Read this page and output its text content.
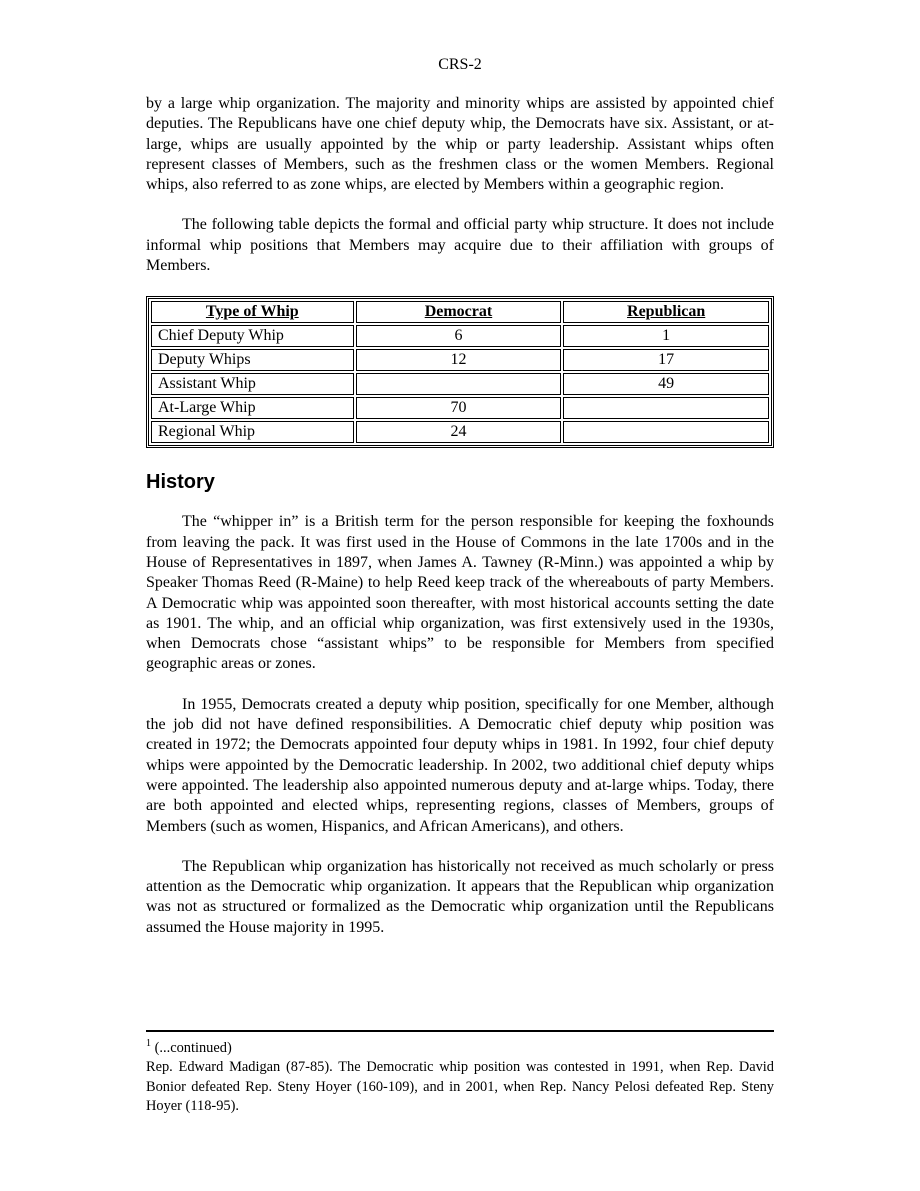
CRS-2

by a large whip organization. The majority and minority whips are assisted by appointed chief deputies. The Republicans have one chief deputy whip, the Democrats have six. Assistant, or at-large, whips are usually appointed by the whip or party leadership. Assistant whips often represent classes of Members, such as the freshmen class or the women Members. Regional whips, also referred to as zone whips, are elected by Members within a geographic region.

The following table depicts the formal and official party whip structure. It does not include informal whip positions that Members may acquire due to their affiliation with groups of Members.

Type of Whip	Democrat	Republican
Chief Deputy Whip	6	1
Deputy Whips	12	17
Assistant Whip		49
At-Large Whip	70	
Regional Whip	24	
History

The “whipper in” is a British term for the person responsible for keeping the foxhounds from leaving the pack. It was first used in the House of Commons in the late 1700s and in the House of Representatives in 1897, when James A. Tawney (R-Minn.) was appointed a whip by Speaker Thomas Reed (R-Maine) to help Reed keep track of the whereabouts of party Members. A Democratic whip was appointed soon thereafter, with most historical accounts setting the date as 1901. The whip, and an official whip organization, was first extensively used in the 1930s, when Democrats chose “assistant whips” to be responsible for Members from specified geographic areas or zones.

In 1955, Democrats created a deputy whip position, specifically for one Member, although the job did not have defined responsibilities. A Democratic chief deputy whip position was created in 1972; the Democrats appointed four deputy whips in 1981. In 1992, four chief deputy whips were appointed by the Democratic leadership. In 2002, two additional chief deputy whips were appointed. The leadership also appointed numerous deputy and at-large whips. Today, there are both appointed and elected whips, representing regions, classes of Members, groups of Members (such as women, Hispanics, and African Americans), and others.

The Republican whip organization has historically not received as much scholarly or press attention as the Democratic whip organization. It appears that the Republican whip organization was not as structured or formalized as the Democratic whip organization until the Republicans assumed the House majority in 1995.

$^1$ (...continued)

Rep. Edward Madigan (87-85). The Democratic whip position was contested in 1991, when Rep. David Bonior defeated Rep. Steny Hoyer (160-109), and in 2001, when Rep. Nancy Pelosi defeated Rep. Steny Hoyer (118-95).
